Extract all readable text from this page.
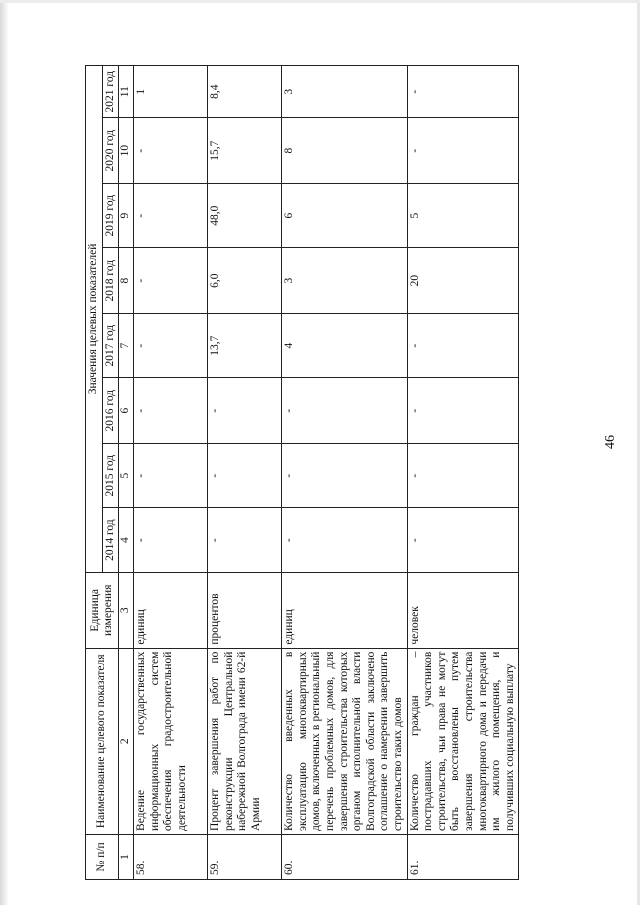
46
№ п/п	Наименование целевого показателя	Единица измерения	Значения целевых показателей							
			2014 год	2015 год	2016 год	2017 год	2018 год	2019 год	2020 год	2021 год
1	2	3	4	5	6	7	8	9	10	11
58.	Ведение государственных информационных систем обеспечения градостроительной деятельности	единиц	-	-	-	-	-	-	-	1
59.	Процент завершения работ по реконструкции Центральной набережной Волгограда имени 62-й Армии	процентов	-	-	-	13,7	6,0	48,0	15,7	8,4
60.	Количество введенных в эксплуатацию многоквартирных домов, включенных в региональный перечень проблемных домов, для завершения строительства которых органом исполнительной власти Волгоградской области заключено соглашение о намерении завершить строительство таких домов	единиц	-	-	-	4	3	6	8	3
61.	Количество граждан – пострадавших участников строительства, чьи права не могут быть восстановлены путем завершения строительства многоквартирного дома и передачи им жилого помещения, и получивших социальную выплату	человек	-	-	-	-	20	5	-	-
